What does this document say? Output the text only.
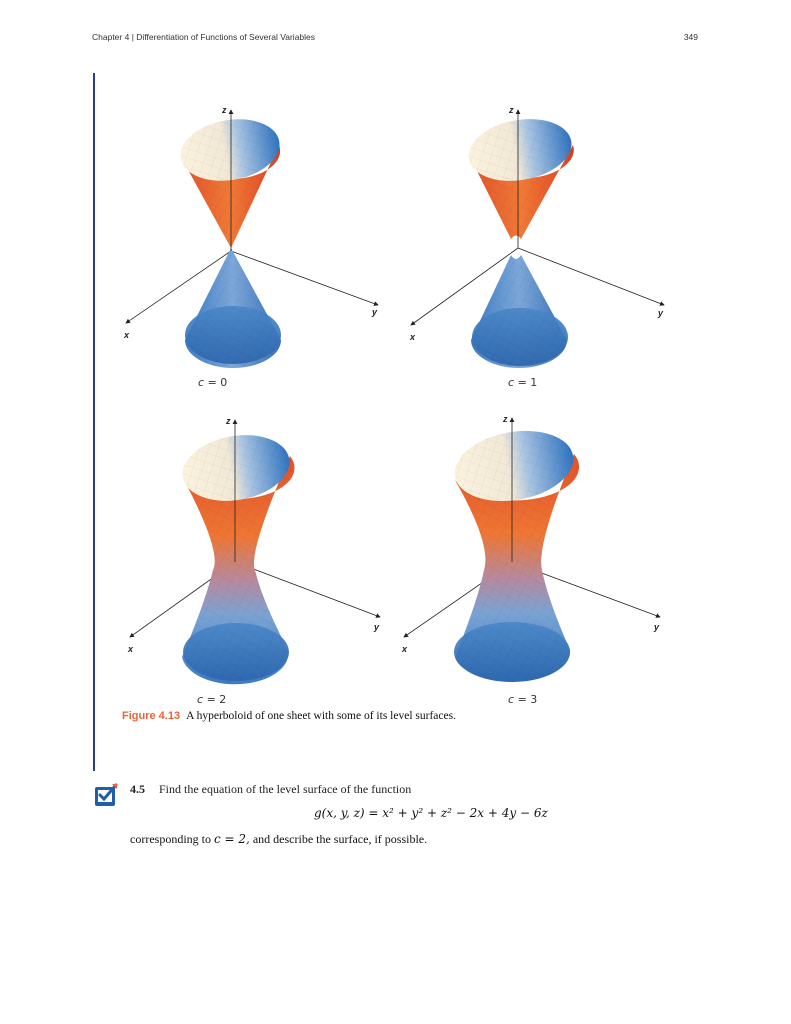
Chapter 4 | Differentiation of Functions of Several Variables	349
z
x
y
z
x
y
z
x
y
z
x
y
c = 0	c = 1
c = 2	c = 3
Figure 4.13 A hyperboloid of one sheet with some of its level surfaces.
4.5 Find the equation of the level surface of the function
g(x, y, z) = x² + y² + z² − 2x + 4y − 6z
corresponding to c = 2, and describe the surface, if possible.
